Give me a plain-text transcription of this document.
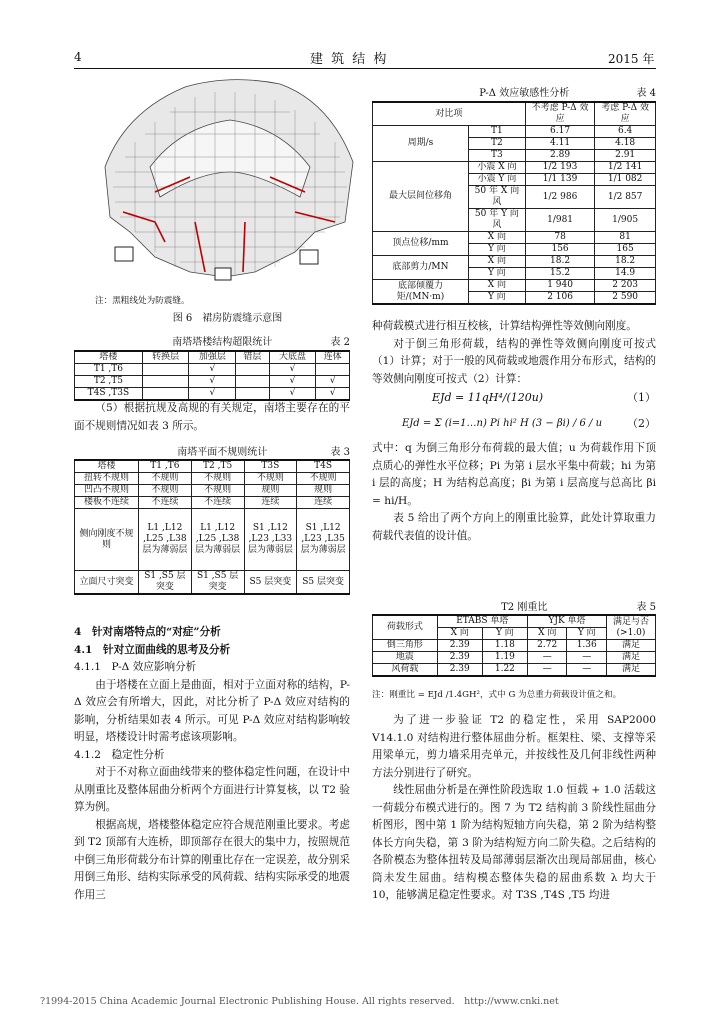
4	建 筑 结 构	2015 年
注：黑粗线处为防震缝。
图 6　裙房防震缝示意图
南塔塔楼结构超限统计	表 2
塔楼	转换层	加强层	错层	大底盘	连体
T1 ,T6		√		√	
T2 ,T5		√		√	√
T4S ,T3S		√		√	√

（5）根据抗规及高规的有关规定，南塔主要存在的平面不规则情况如表 3 所示。

南塔平面不规则统计	表 3
塔楼	T1 ,T6	T2 ,T5	T3S	T4S
扭转不规则	不规则	不规则	不规则	不规则
凹凸不规则	不规则	不规则	规则	规则
楼板不连续	不连续	不连续	连续	连续
侧向刚度不规则	L1 ,L12 ,L25 ,L38 层为薄弱层	L1 ,L12 ,L25 ,L38 层为薄弱层	S1 ,L12 ,L23 ,L33 层为薄弱层	S1 ,L12 ,L23 ,L35 层为薄弱层
立面尺寸突变	S1 ,S5 层突变	S1 ,S5 层突变	S5 层突变	S5 层突变
4　针对南塔特点的“对症”分析
4.1　针对立面曲线的思考及分析
4.1.1　P-Δ 效应影响分析

由于塔楼在立面上是曲面，相对于立面对称的结构，P-Δ 效应会有所增大，因此，对比分析了 P-Δ 效应对结构的影响，分析结果如表 4 所示。可见 P-Δ 效应对结构影响较明显，塔楼设计时需考虑该项影响。

4.1.2　稳定性分析

对于不对称立面曲线带来的整体稳定性问题，在设计中从刚重比及整体屈曲分析两个方面进行计算复核，以 T2 验算为例。

根据高规，塔楼整体稳定应符合规范刚重比要求。考虑到 T2 顶部有大连桥，即顶部存在很大的集中力，按照规范中倒三角形荷载分布计算的刚重比存在一定误差，故分别采用倒三角形、结构实际承受的风荷载、结构实际承受的地震作用三

P-Δ 效应敏感性分析	表 4
对比项		不考虑 P-Δ 效应	考虑 P-Δ 效应
周期/s	T1	6.17	6.4
	T2	4.11	4.18
	T3	2.89	2.91
最大层间位移角	小震 X 向	1/2 193	1/2 141
	小震 Y 向	1/1 139	1/1 082
	50 年 X 向风	1/2 986	1/2 857
	50 年 Y 向风	1/981	1/905
顶点位移/mm	X 向	78	81
	Y 向	156	165
底部剪力/MN	X 向	18.2	18.2
	Y 向	15.2	14.9
底部倾覆力矩/(MN·m)	X 向	1 940	2 203
	Y 向	2 106	2 590

种荷载模式进行相互校核，计算结构弹性等效侧向刚度。

对于倒三角形荷载，结构的弹性等效侧向刚度可按式（1）计算；对于一般的风荷载或地震作用分布形式，结构的等效侧向刚度可按式（2）计算：

EJd = 11qH⁴/(120u)	（1）
EJd = Σ (i=1…n) Pi hi² H (3 − βi) / 6 / u （2）

式中：q 为倒三角形分布荷载的最大值；u 为荷载作用下顶点质心的弹性水平位移；Pi 为第 i 层水平集中荷载；hi 为第 i 层的高度；H 为结构总高度；βi 为第 i 层高度与总高比 βi = hi/H。

表 5 给出了两个方向上的刚重比验算，此处计算取重力荷载代表值的设计值。

T2 刚重比	表 5
荷载形式	ETABS 单塔		YJK 单塔		满足与否(>1.0)
	X 向	Y 向	X 向	Y 向	
倒三角形	2.39	1.18	2.72	1.36	满足
地震	2.39	1.19	—	—	满足
风荷载	2.39	1.22	—	—	满足
注：刚重比 = EJd /1.4GH²，式中 G 为总重力荷载设计值之和。

为了进一步验证 T2 的稳定性，采用 SAP2000 V14.1.0 对结构进行整体屈曲分析。框架柱、梁、支撑等采用梁单元，剪力墙采用壳单元，并按线性及几何非线性两种方法分别进行了研究。

线性屈曲分析是在弹性阶段选取 1.0 恒载 + 1.0 活载这一荷载分布模式进行的。图 7 为 T2 结构前 3 阶线性屈曲分析图形，图中第 1 阶为结构短轴方向失稳，第 2 阶为结构整体长方向失稳，第 3 阶为结构短方向二阶失稳。之后结构的各阶模态为整体扭转及局部薄弱层渐次出现局部屈曲，核心筒未发生屈曲。结构模态整体失稳的屈曲系数 λ 均大于 10，能够满足稳定性要求。对 T3S ,T4S ,T5 均进

?1994-2015 China Academic Journal Electronic Publishing House. All rights reserved.　http://www.cnki.net
